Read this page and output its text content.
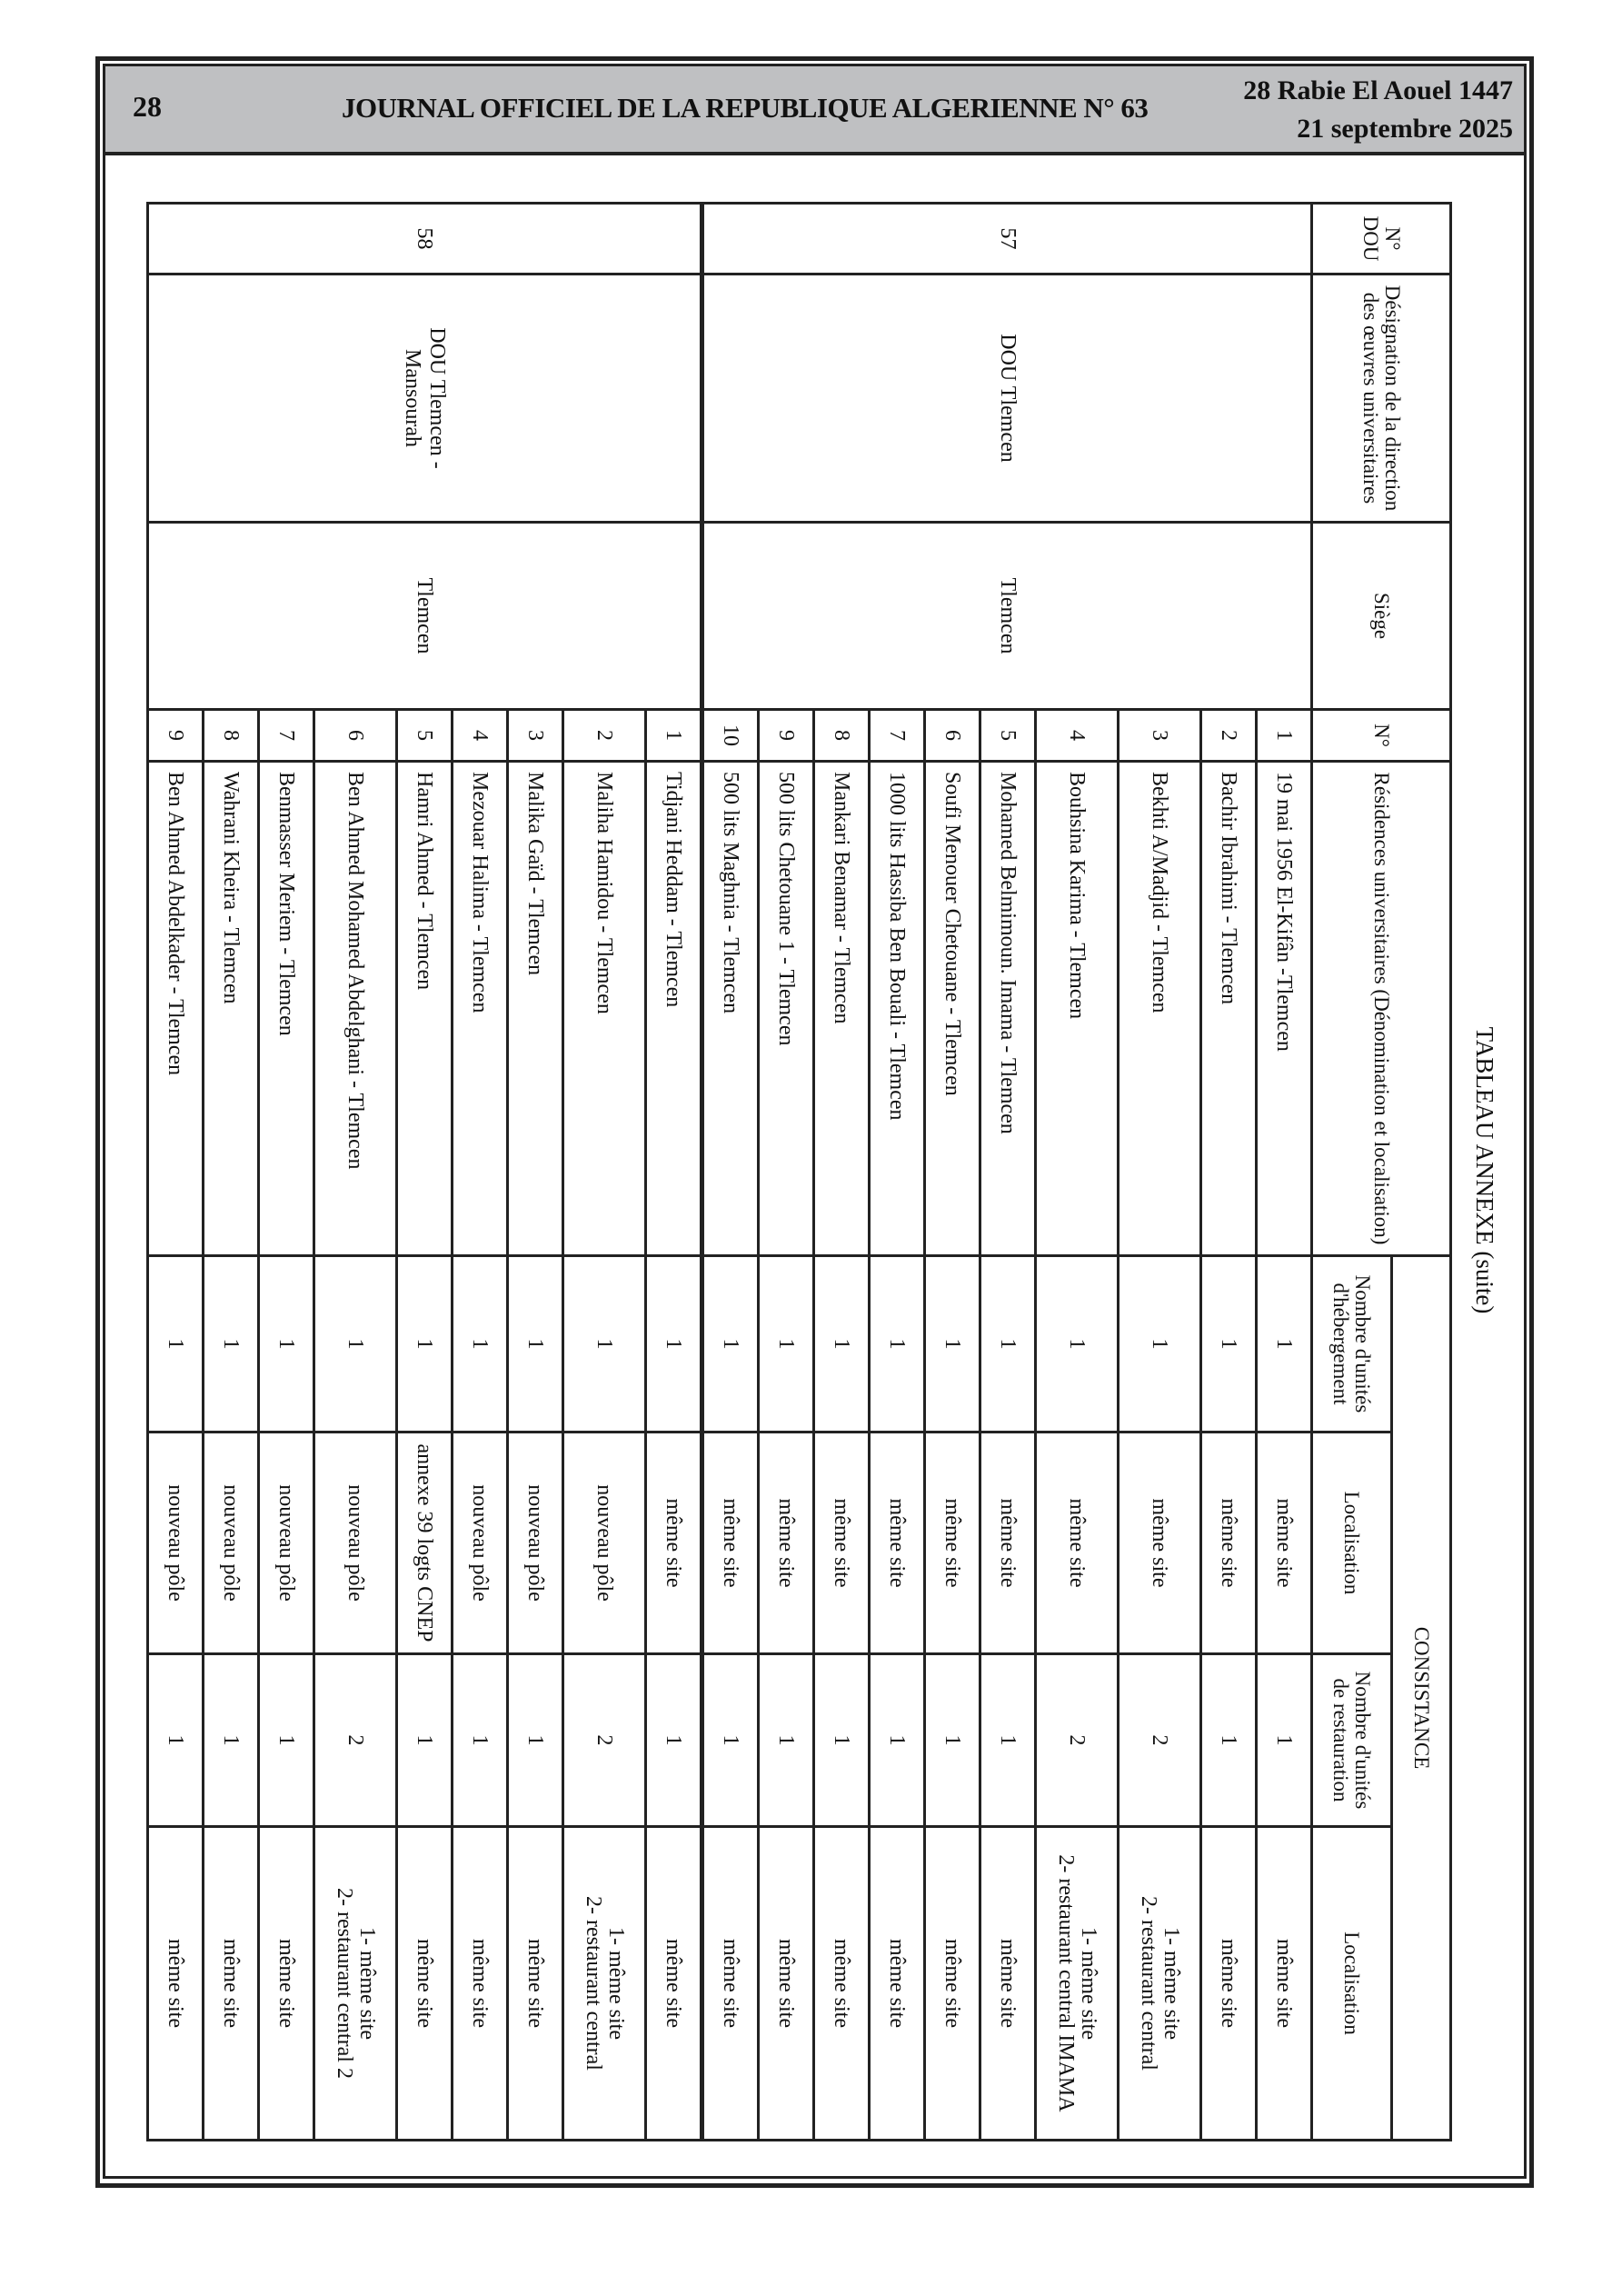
28	JOURNAL OFFICIEL DE LA REPUBLIQUE ALGERIENNE N° 63
28 Rabie El Aouel 1447
21 septembre 2025
TABLEAU ANNEXE (suite)
N° DOU	Désignation de la direction des œuvres universitaires	Siège	N°	Résidences universitaires (Dénomination et localisation)	CONSISTANCE			
					Nombre d'unités d'hébergement	Localisation	Nombre d'unités de restauration	Localisation
57	DOU Tlemcen	Tlemcen	1	19 mai 1956 El-Kifân -Tlemcen	1	même site	1	même site

			2	Bachir Ibrahimi - Tlemcen	1	même site	1	même site

			3	Bekhti A/Madjid - Tlemcen	1	même site	2	1- même site
2- restaurant central

			4	Bouhsina Karima - Tlemcen	1	même site	2	1- même site
2- restaurant central IMAMA

			5	Mohamed Belmimoun. Imama - Tlemcen	1	même site	1	même site

			6	Soufi Menouer Chetouane - Tlemcen	1	même site	1	même site

			7	1000 lits Hassiba Ben Bouali - Tlemcen	1	même site	1	même site

			8	Mankari Benamar - Tlemcen	1	même site	1	même site

			9	500 lits Chetouane 1 - Tlemcen	1	même site	1	même site

			10	500 lits Maghnia - Tlemcen	1	même site	1	même site

58	DOU Tlemcen - Mansourah	Tlemcen	1	Tidjani Heddam - Tlemcen	1	même site	1	même site

			2	Maliha Hamidou - Tlemcen	1	nouveau pôle	2	1- même site
2- restaurant central

			3	Malika Gaïd - Tlemcen	1	nouveau pôle	1	même site

			4	Mezouar Halima - Tlemcen	1	nouveau pôle	1	même site

			5	Hamri Ahmed - Tlemcen	1	annexe 39 logts CNEP	1	même site

			6	Ben Ahmed Mohamed Abdelghani - Tlemcen	1	nouveau pôle	2	1- même site
2- restaurant central 2

			7	Benmasser Meriem - Tlemcen	1	nouveau pôle	1	même site

			8	Wahrani Kheira - Tlemcen	1	nouveau pôle	1	même site

			9	Ben Ahmed Abdelkader - Tlemcen	1	nouveau pôle	1	même site
